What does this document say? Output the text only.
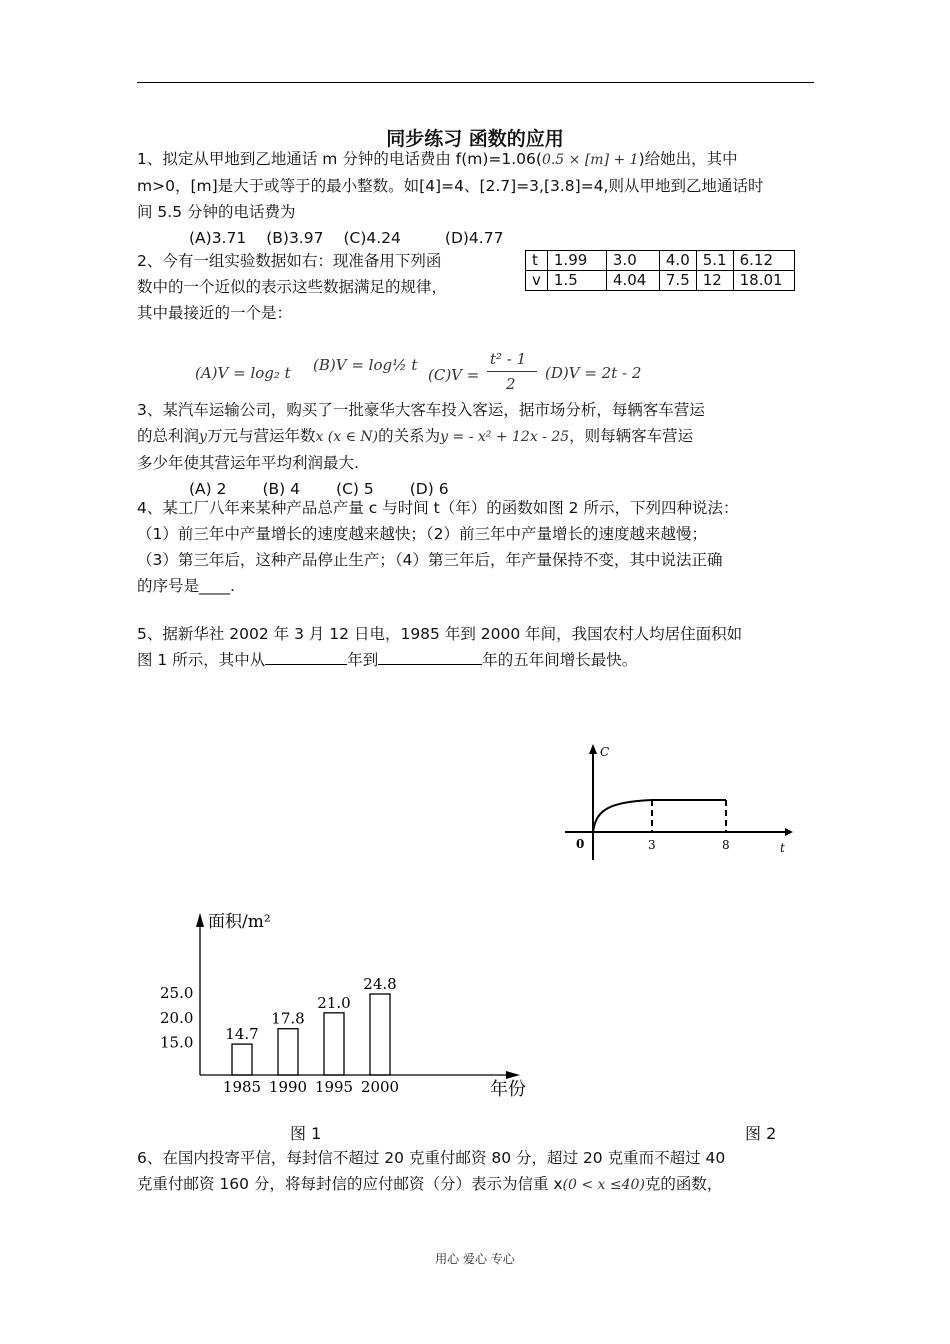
同步练习 函数的应用
1、拟定从甲地到乙地通话 m 分钟的电话费由 f(m)=1.06(0.5 × [m] + 1)给她出，其中
m>0，[m]是大于或等于的最小整数。如[4]=4、[2.7]=3,[3.8]=4,则从甲地到乙地通话时
间 5.5 分钟的电话费为
(A)3.71 (B)3.97 (C)4.24	(D)4.77
2、今有一组实验数据如右：现准备用下列函
数中的一个近似的表示这些数据满足的规律，
其中最接近的一个是：
t	1.99	3.0	4.0	5.1	6.12
v	1.5	4.04	7.5	12	18.01
(A)V = log₂ t (B)V = log½ t
(C)V =
t² - 1
2
(D)V = 2t - 2
3、某汽车运输公司，购买了一批豪华大客车投入客运，据市场分析，每辆客车营运
的总利润y万元与营运年数x (x ∈ N)的关系为y = - x² + 12x - 25，则每辆客车营运
多少年使其营运年平均利润最大.
(A) 2 (B) 4 (C) 5 (D) 6
4、某工厂八年来某种产品总产量 c 与时间 t（年）的函数如图 2 所示，下列四种说法：
（1）前三年中产量增长的速度越来越快；（2）前三年中产量增长的速度越来越慢；
（3）第三年后，这种产品停止生产；（4）第三年后，年产量保持不变，其中说法正确
的序号是____.
5、据新华社 2002 年 3 月 12 日电，1985 年到 2000 年间，我国农村人均居住面积如
图 1 所示，其中从	年到	年的五年间增长最快。
C
t
0	3	8
面积/m²
年份
15.0
20.0
25.0
14.7
1985
17.8
1990
21.0
1995
24.8
2000
图 1	图 2
6、在国内投寄平信，每封信不超过 20 克重付邮资 80 分，超过 20 克重而不超过 40
克重付邮资 160 分，将每封信的应付邮资（分）表示为信重 x(0 < x ≤40)克的函数，
用心 爱心 专心
